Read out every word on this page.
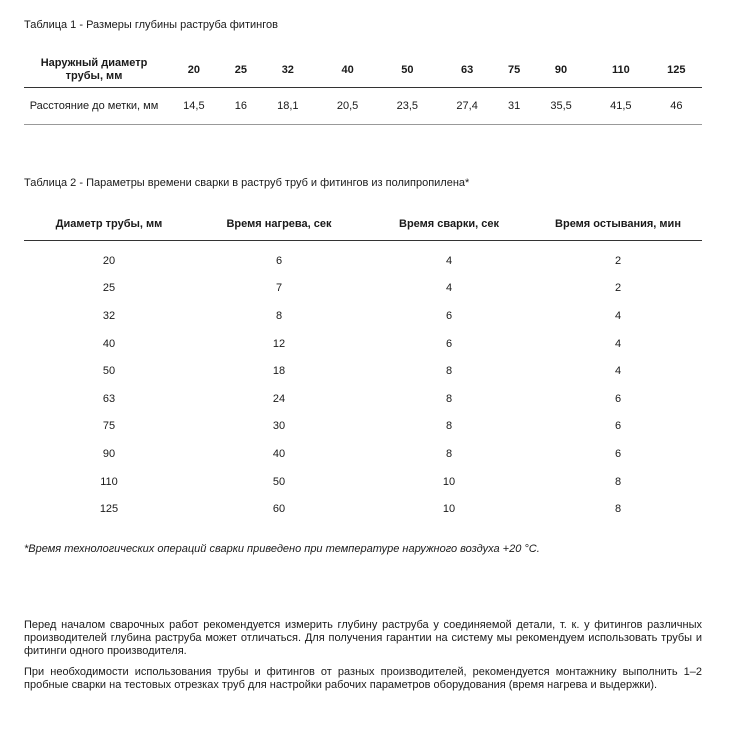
Таблица 1 - Размеры глубины раструба фитингов
Наружный диаметр трубы, мм	20	25	32	40	50	63	75	90	110	125
Расстояние до метки, мм	14,5	16	18,1	20,5	23,5	27,4	31	35,5	41,5	46
Таблица 2 - Параметры времени сварки в раструб труб и фитингов из полипропилена*
Диаметр трубы, мм	Время нагрева, сек	Время сварки, сек	Время остывания, мин
20	6	4	2
25	7	4	2
32	8	6	4
40	12	6	4
50	18	8	4
63	24	8	6
75	30	8	6
90	40	8	6
110	50	10	8
125	60	10	8
*Время технологических операций сварки приведено при температуре наружного воздуха +20 °С.
Перед началом сварочных работ рекомендуется измерить глубину раструба у соединяемой детали, т. к. у фитингов различных производителей глубина раструба может отличаться. Для получения гарантии на систему мы рекомендуем использовать трубы и фитинги одного производителя.
При необходимости использования трубы и фитингов от разных производителей, рекомендуется монтажнику выполнить 1–2 пробные сварки на тестовых отрезках труб для настройки рабочих параметров оборудования (время нагрева и выдержки).
